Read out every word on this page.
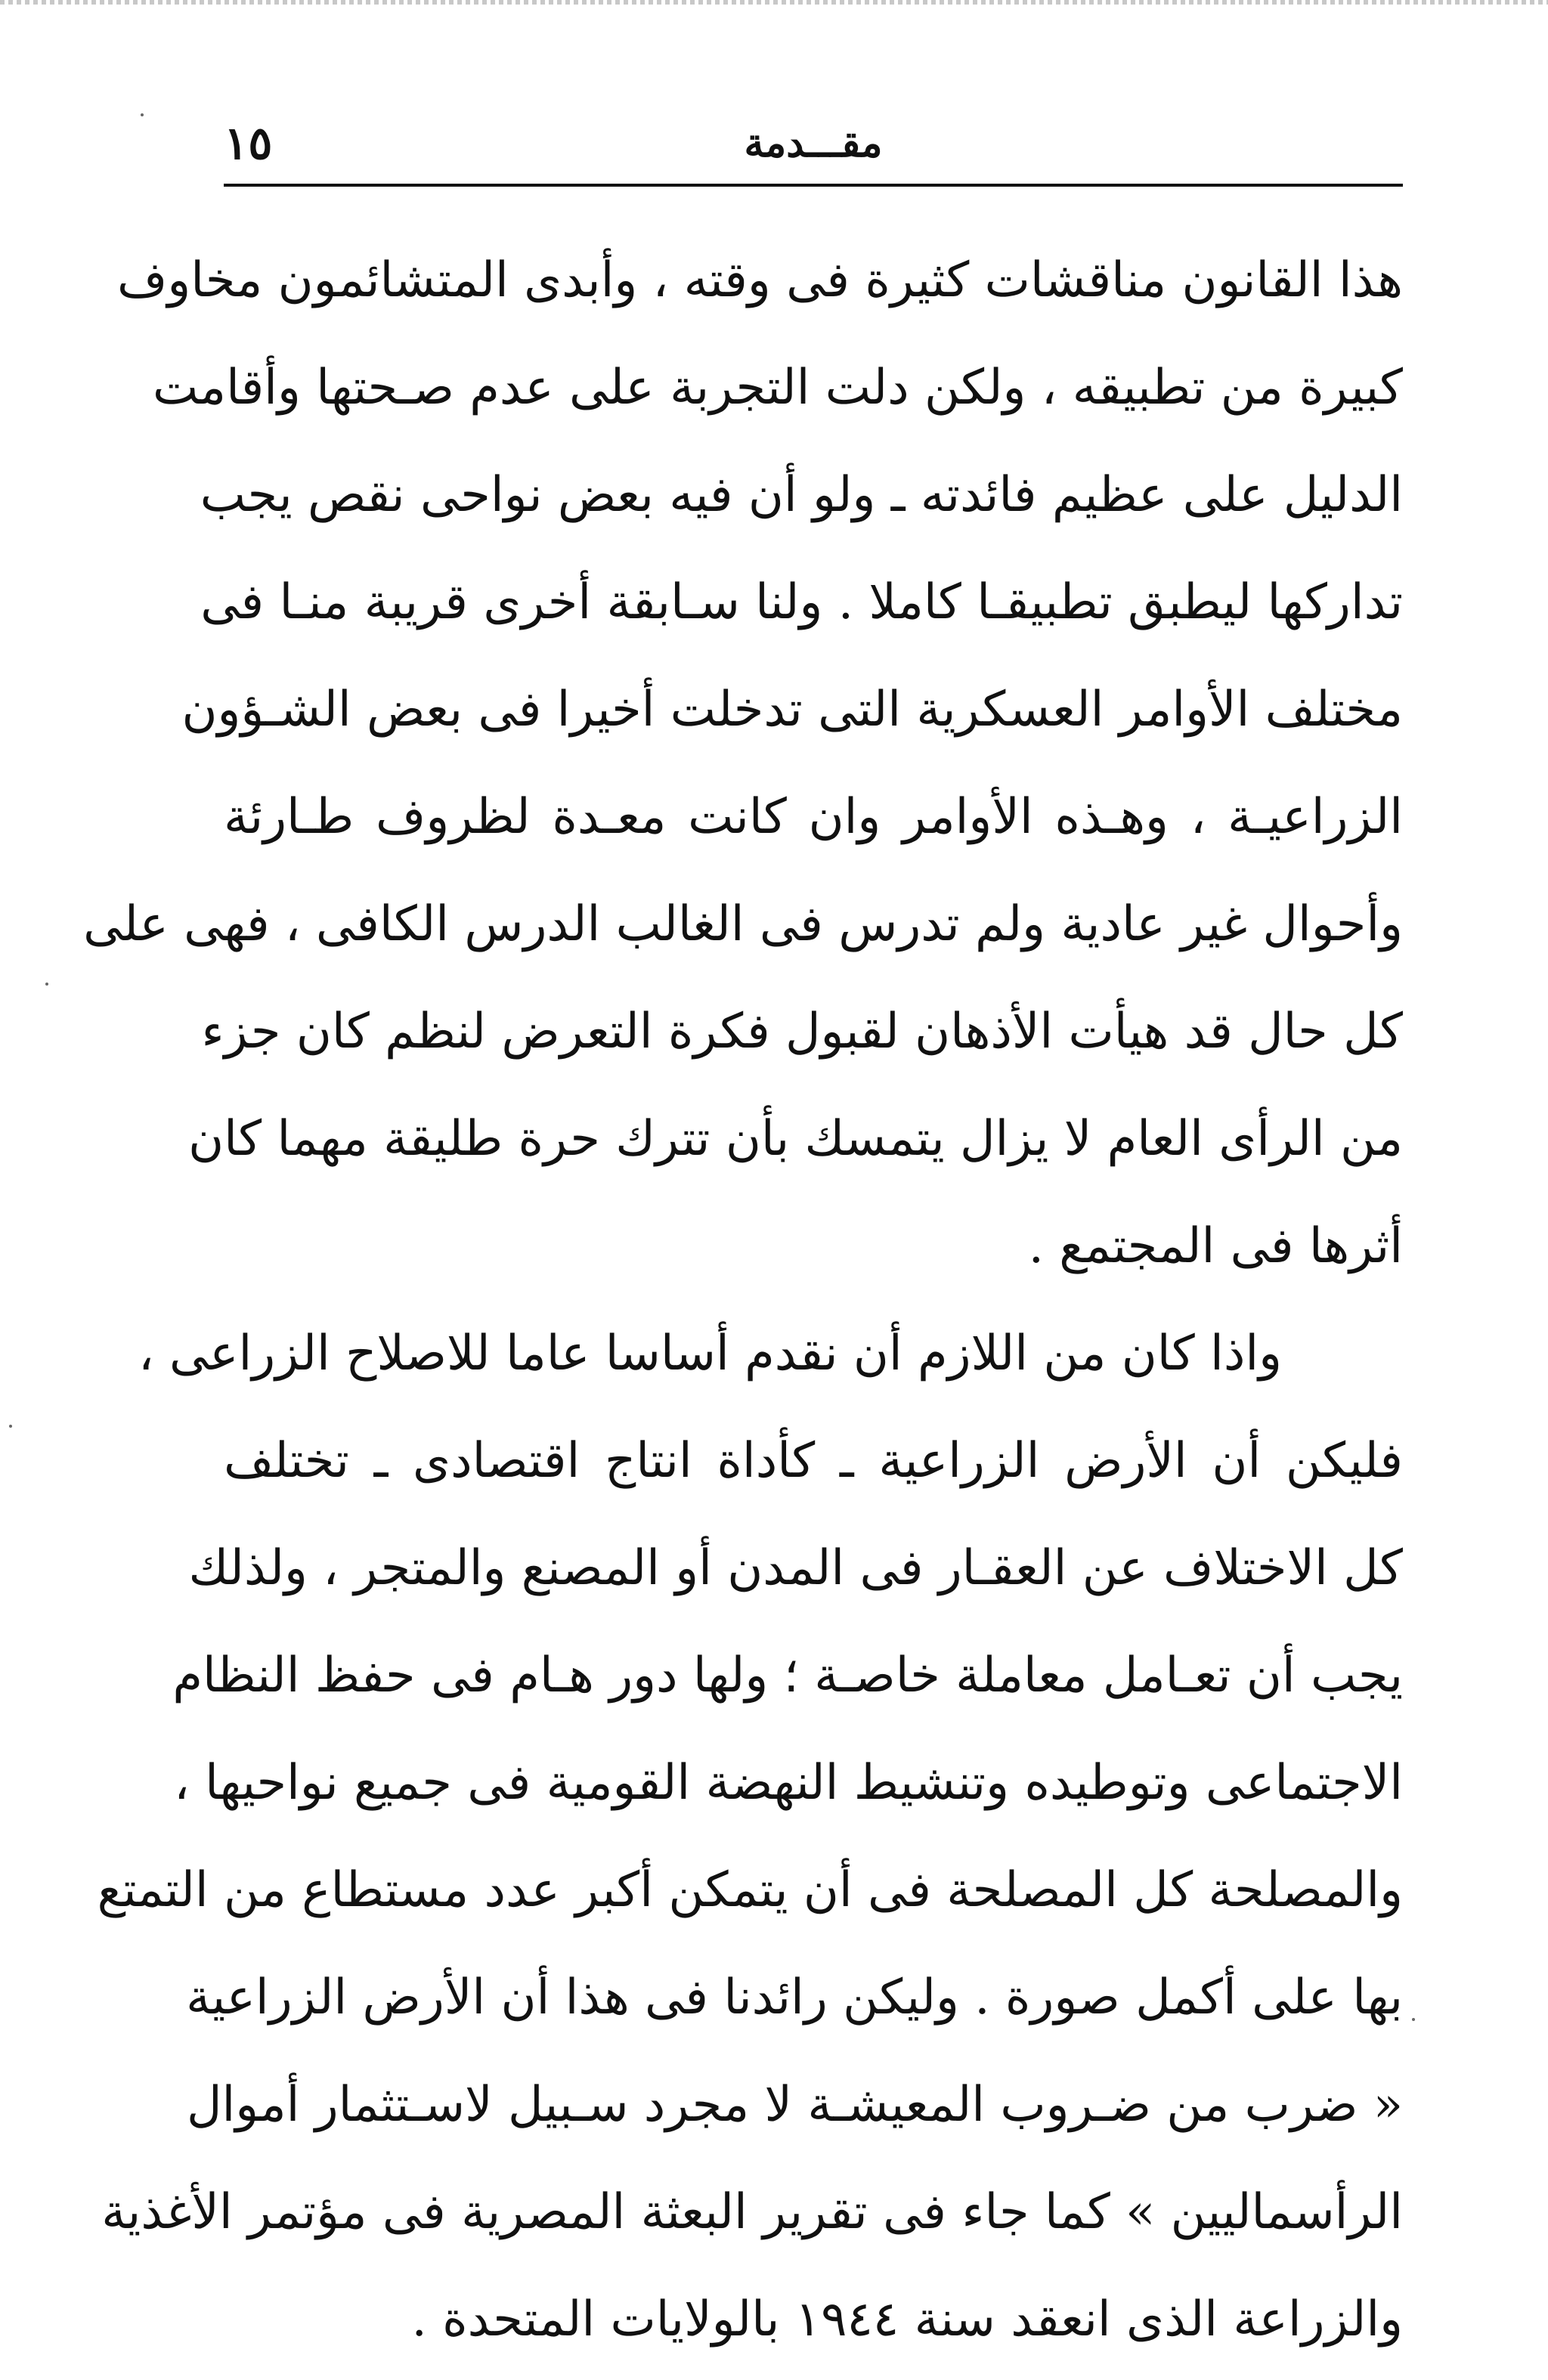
١٥	مقـــدمة
هذا القانون مناقشات كثيرة فى وقته ، وأبدى المتشائمون مخاوف
كبيرة من تطبيقه ، ولكن دلت التجربة على عدم صـحتها وأقامت
الدليل على عظيم فائدته ـ ولو أن فيه بعض نواحى نقص يجب
تداركها ليطبق تطبيقـا كاملا . ولنا سـابقة أخرى قريبة منـا فى
مختلف الأوامر العسكرية التى تدخلت أخيرا فى بعض الشـؤون
الزراعيـة ، وهـذه الأوامر وان كانت معـدة لظروف طـارئة
وأحوال غير عادية ولم تدرس فى الغالب الدرس الكافى ، فهى على
كل حال قد هيأت الأذهان لقبول فكرة التعرض لنظم كان جزء
من الرأى العام لا يزال يتمسك بأن تترك حرة طليقة مهما كان
أثرها فى المجتمع .
واذا كان من اللازم أن نقدم أساسا عاما للاصلاح الزراعى ،
فليكن أن الأرض الزراعية ـ كأداة انتاج اقتصادى ـ تختلف
كل الاختلاف عن العقـار فى المدن أو المصنع والمتجر ، ولذلك
يجب أن تعـامل معاملة خاصـة ؛ ولها دور هـام فى حفظ النظام
الاجتماعى وتوطيده وتنشيط النهضة القومية فى جميع نواحيها ،
والمصلحة كل المصلحة فى أن يتمكن أكبر عدد مستطاع من التمتع
بها على أكمل صورة . وليكن رائدنا فى هذا أن الأرض الزراعية
« ضرب من ضـروب المعيشـة لا مجرد سـبيل لاسـتثمار أموال
الرأسماليين » كما جاء فى تقرير البعثة المصرية فى مؤتمر الأغذية
والزراعة الذى انعقد سنة ١٩٤٤ بالولايات المتحدة .
